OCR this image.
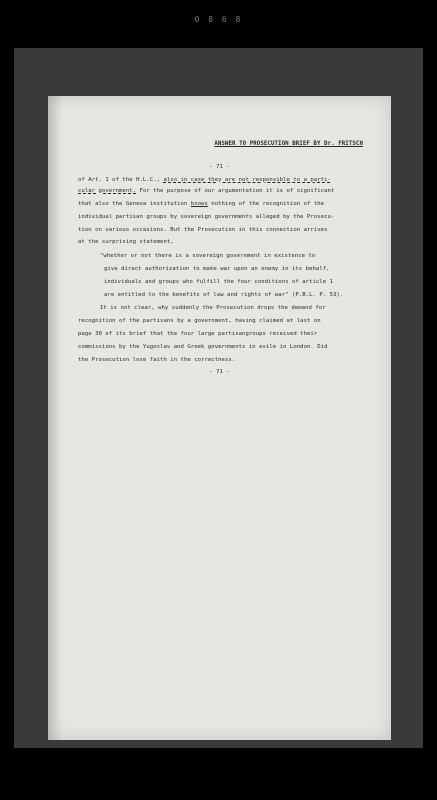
0 8 6 8
ANSWER TO PROSECUTION BRIEF BY Dr. FRITSCH
- 71 -
of Art. 1 of the H.L.C., also in case they are not responsible to a parti-
cular government. For the purpose of our argumentation it is of significant
that also the Geneva institution knows nothing of the recognition of the
individual partisan groups by sovereign governments alleged by the Prosecu-
tion on various occasions. But the Prosecution in this connection arrives
at the surprising statement,
"whether or not there is a sovereign government in existence to
give direct authorization to make war upon an enemy in its behalf,
individuals and groups who fulfill the four conditions of article 1
are entitled to the benefits of law and rights of war" (P.B.L. P. 53).
It is not clear, why suddenly the Prosecution drops the demand for
recognition of the partisans by a government, having claimed at last on
page 30 of its brief that the four large partisangroups received their
commissions by the Yugoslav and Greek governments in exile in London. Did
the Prosecution lose faith in the correctness.
- 71 -
